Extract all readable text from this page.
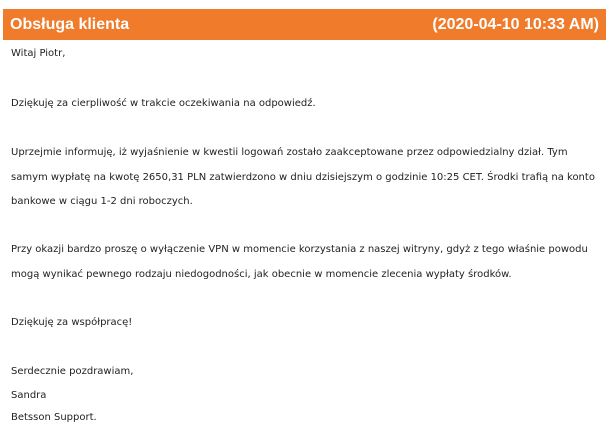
Obsługa klienta	(2020-04-10 10:33 AM)
Witaj Piotr,
Dziękuję za cierpliwość w trakcie oczekiwania na odpowiedź.
Uprzejmie informuję, iż wyjaśnienie w kwestii logowań zostało zaakceptowane przez odpowiedzialny dział. Tym
samym wypłatę na kwotę 2650,31 PLN zatwierdzono w dniu dzisiejszym o godzinie 10:25 CET. Środki trafią na konto
bankowe w ciągu 1-2 dni roboczych.
Przy okazji bardzo proszę o wyłączenie VPN w momencie korzystania z naszej witryny, gdyż z tego właśnie powodu
mogą wynikać pewnego rodzaju niedogodności, jak obecnie w momencie zlecenia wypłaty środków.
Dziękuję za współpracę!
Serdecznie pozdrawiam,
Sandra
Betsson Support.
